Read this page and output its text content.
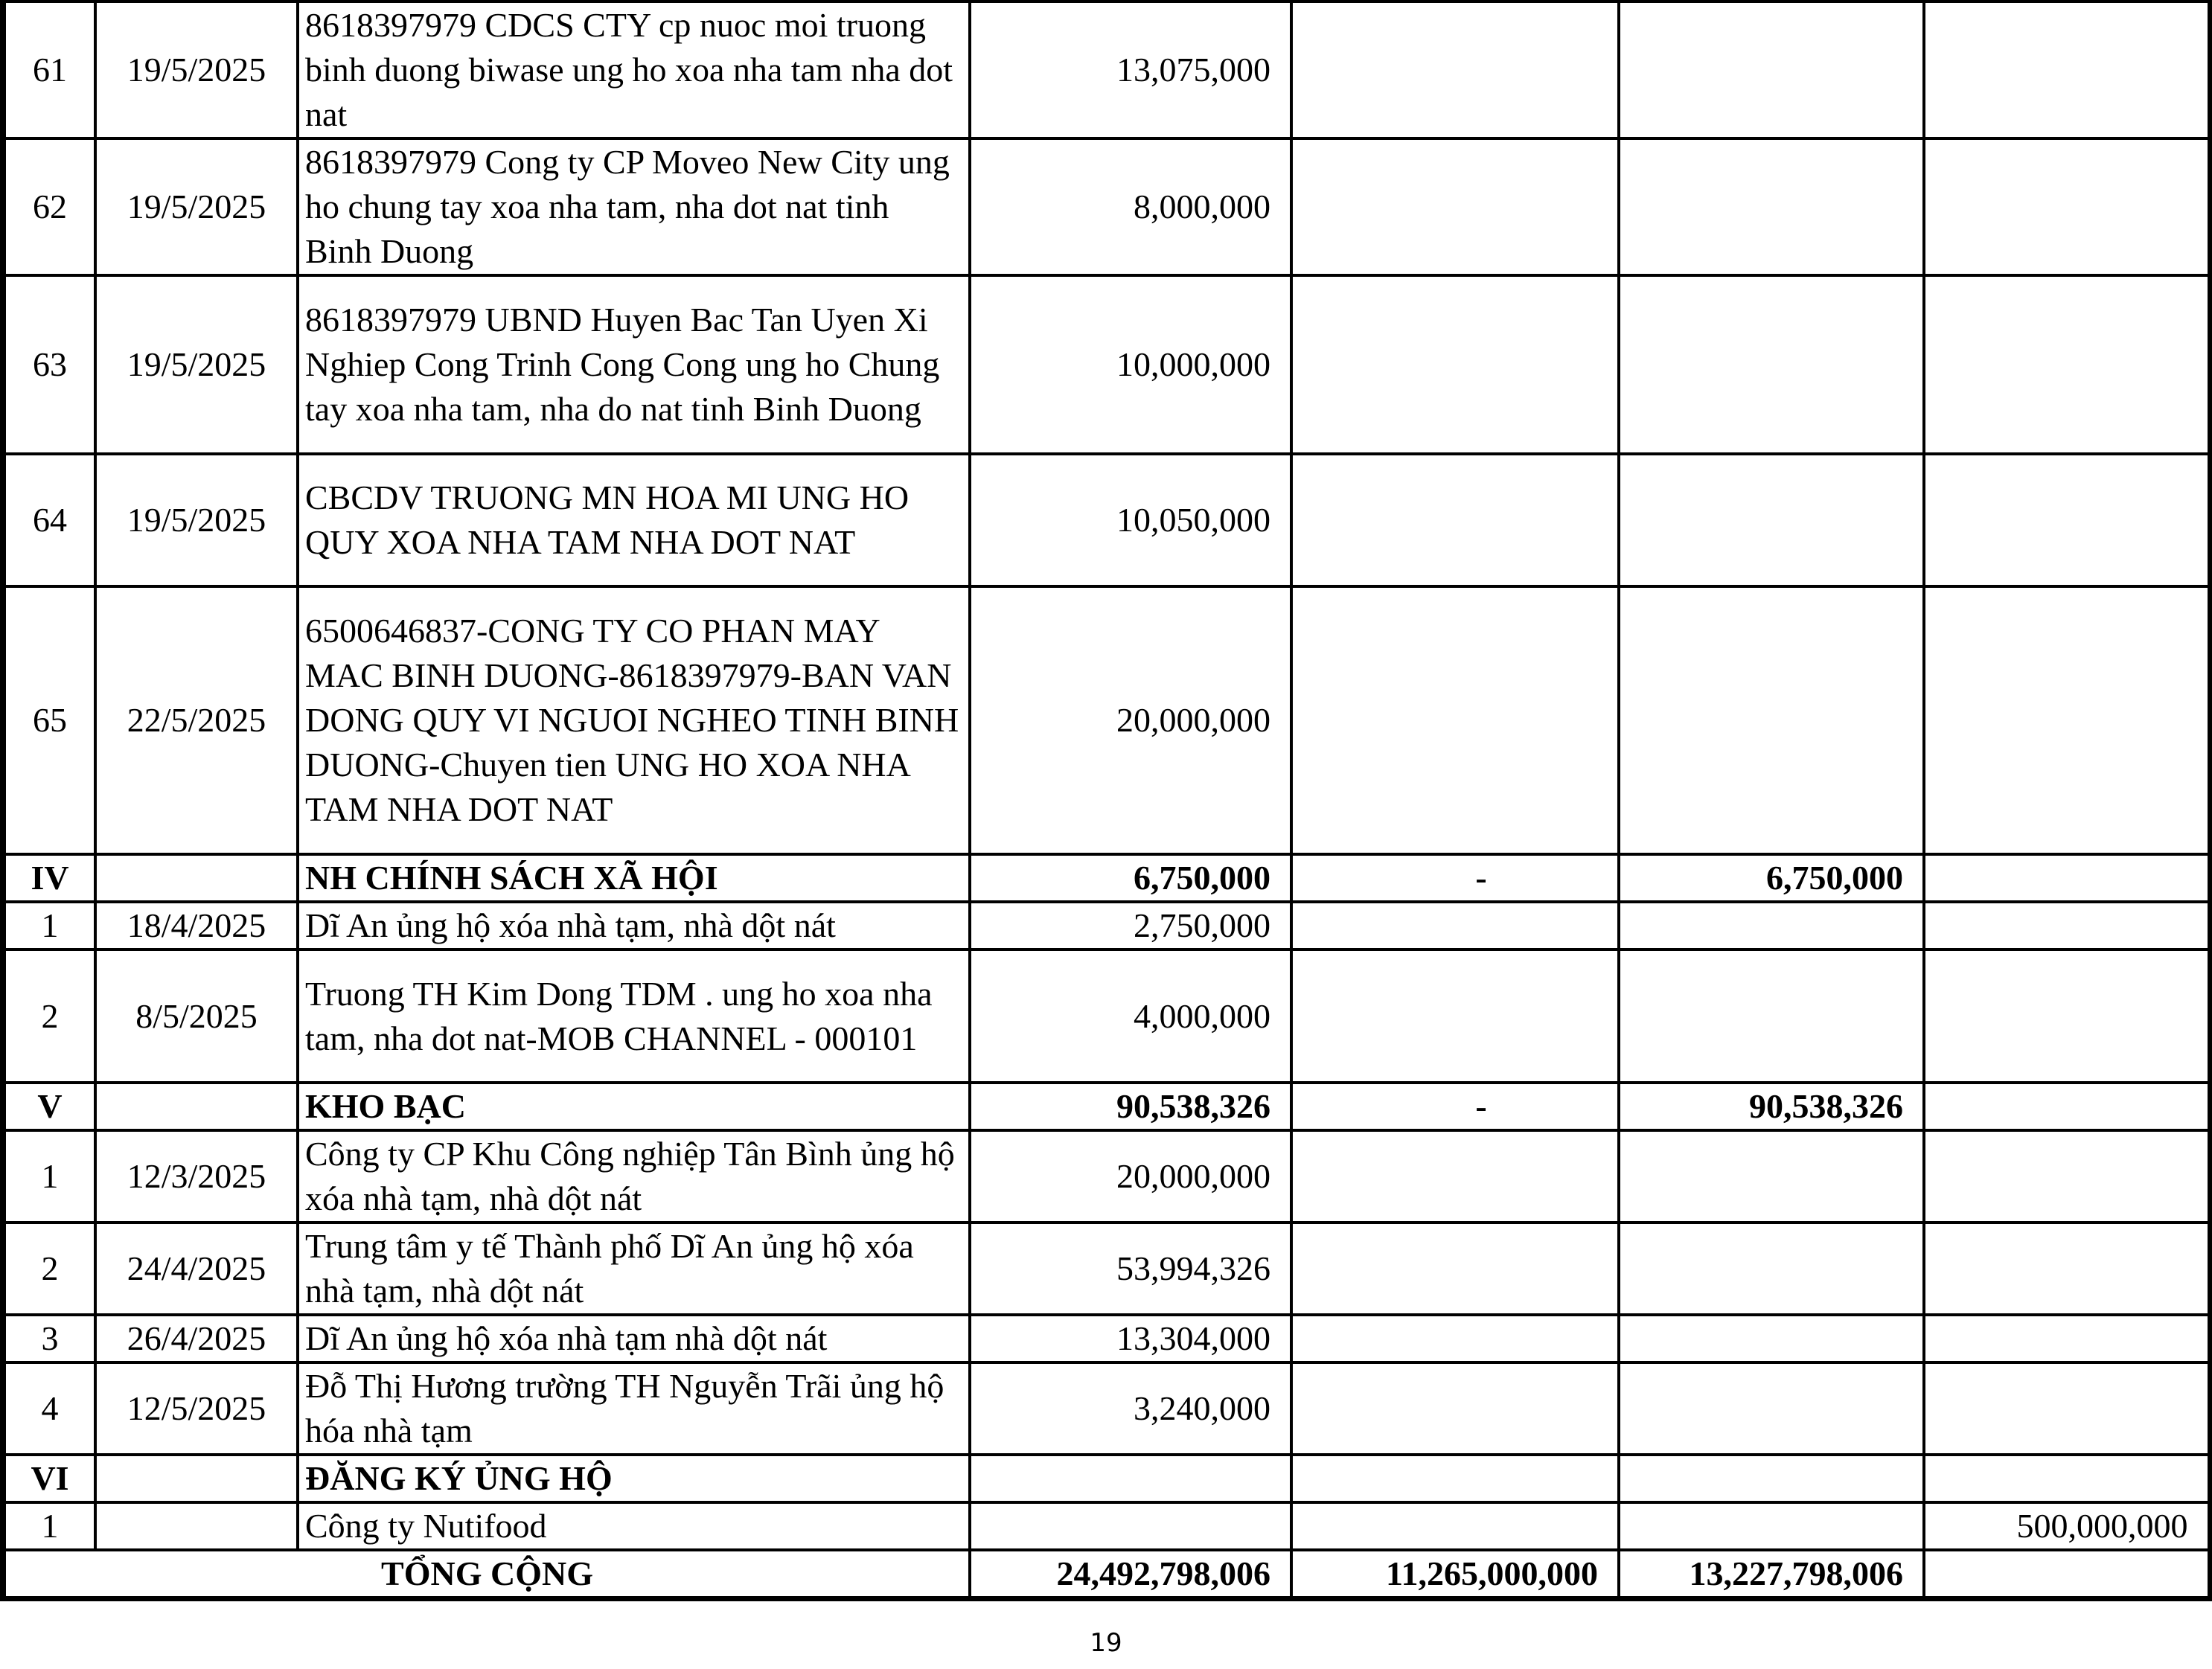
61	19/5/2025	8618397979 CDCS CTY cp nuoc moi truong binh duong biwase ung ho xoa nha tam nha dot nat	13,075,000			
62	19/5/2025	8618397979 Cong ty CP Moveo New City ung ho chung tay xoa nha tam, nha dot nat tinh Binh Duong	8,000,000			
63	19/5/2025	8618397979 UBND Huyen Bac Tan Uyen Xi Nghiep Cong Trinh Cong Cong ung ho Chung tay xoa nha tam, nha do nat tinh Binh Duong	10,000,000			
64	19/5/2025	CBCDV TRUONG MN HOA MI UNG HO QUY XOA NHA TAM NHA DOT NAT	10,050,000			
65	22/5/2025	6500646837-CONG TY CO PHAN MAY MAC BINH DUONG-8618397979-BAN VAN DONG QUY VI NGUOI NGHEO TINH BINH DUONG-Chuyen tien UNG HO XOA NHA TAM NHA DOT NAT	20,000,000			
IV		NH CHÍNH SÁCH XÃ HỘI	6,750,000	-	6,750,000	
1	18/4/2025	Dĩ An ủng hộ xóa nhà tạm, nhà dột nát	2,750,000			
2	8/5/2025	Truong TH Kim Dong TDM . ung ho xoa nha tam, nha dot nat-MOB CHANNEL - 000101	4,000,000			
V		KHO BẠC	90,538,326	-	90,538,326	
1	12/3/2025	Công ty CP Khu Công nghiệp Tân Bình ủng hộ xóa nhà tạm, nhà dột nát	20,000,000			
2	24/4/2025	Trung tâm y tế Thành phố Dĩ An ủng hộ xóa nhà tạm, nhà dột nát	53,994,326			
3	26/4/2025	Dĩ An ủng hộ xóa nhà tạm nhà dột nát	13,304,000			
4	12/5/2025	Đỗ Thị Hương trường TH Nguyễn Trãi ủng hộ hóa nhà tạm	3,240,000			
VI		ĐĂNG KÝ ỦNG HỘ				
1		Công ty Nutifood				500,000,000
TỔNG CỘNG			24,492,798,006	11,265,000,000	13,227,798,006	
19
